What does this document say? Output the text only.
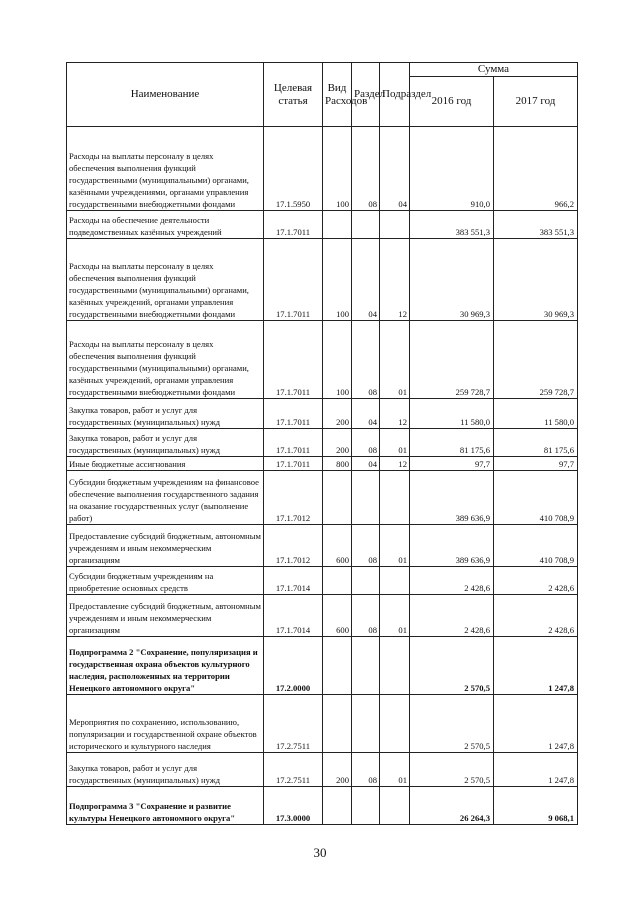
Наименование	Целевая статья	Вид Расходов	Раздел	Подраздел	Сумма	
					2016 год	2017 год
Расходы на выплаты персоналу в целях обеспечения выполнения функций государственными (муниципальными) органами, казёнными учреждениями, органами управления государственными внебюджетными фондами	17.1.5950	100	08	04	910,0	966,2
Расходы на обеспечение деятельности подведомственных казённых учреждений	17.1.7011				383 551,3	383 551,3
Расходы на выплаты персоналу в целях обеспечения выполнения функций государственными (муниципальными) органами, казённых учреждений, органами управления государственными внебюджетными фондами	17.1.7011	100	04	12	30 969,3	30 969,3
Расходы на выплаты персоналу в целях обеспечения выполнения функций государственными (муниципальными) органами, казённых учреждений, органами управления государственными внебюджетными фондами	17.1.7011	100	08	01	259 728,7	259 728,7
Закупка товаров, работ и услуг для государственных (муниципальных) нужд	17.1.7011	200	04	12	11 580,0	11 580,0
Закупка товаров, работ и услуг для государственных (муниципальных) нужд	17.1.7011	200	08	01	81 175,6	81 175,6
Иные бюджетные ассигнования	17.1.7011	800	04	12	97,7	97,7
Субсидии бюджетным учреждениям на финансовое обеспечение выполнения государственного задания на оказание государственных услуг (выполнение работ)	17.1.7012				389 636,9	410 708,9
Предоставление субсидий бюджетным, автономным учреждениям и иным некоммерческим организациям	17.1.7012	600	08	01	389 636,9	410 708,9
Субсидии бюджетным учреждениям на приобретение основных средств	17.1.7014				2 428,6	2 428,6
Предоставление субсидий бюджетным, автономным учреждениям и иным некоммерческим организациям	17.1.7014	600	08	01	2 428,6	2 428,6
Подпрограмма 2 "Сохранение, популяризация и государственная охрана объектов культурного наследия, расположенных на территории Ненецкого автономного округа"	17.2.0000				2 570,5	1 247,8
Мероприятия по сохранению, использованию, популяризации и государственной охране объектов исторического и культурного наследия	17.2.7511				2 570,5	1 247,8
Закупка товаров, работ и услуг для государственных (муниципальных) нужд	17.2.7511	200	08	01	2 570,5	1 247,8
Подпрограмма 3 "Сохранение и развитие культуры Ненецкого автономного округа"	17.3.0000				26 264,3	9 068,1
30
